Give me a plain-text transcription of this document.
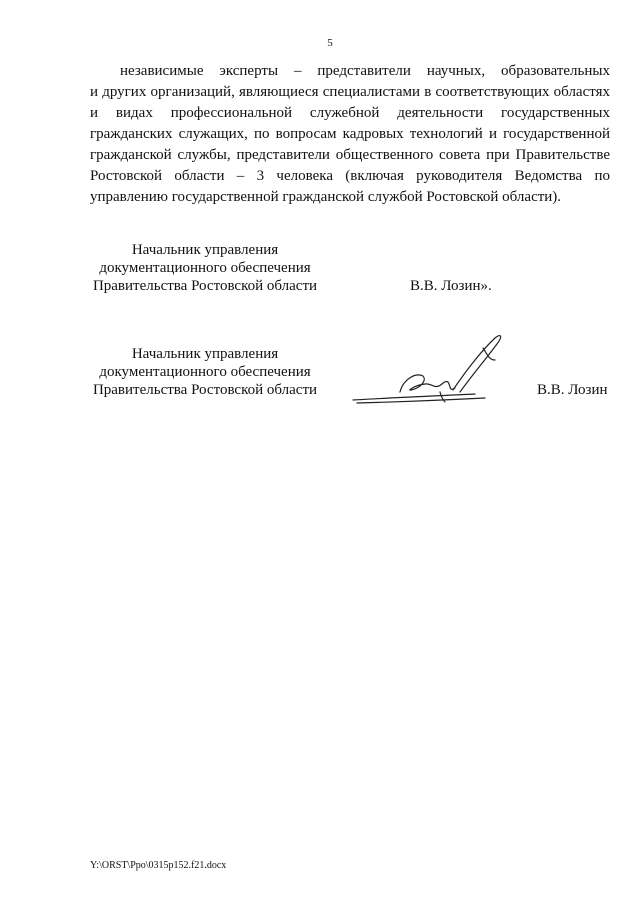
5
независимые эксперты – представители научных, образовательных
и других организаций, являющиеся специалистами в соответствующих областях и видах профессиональной служебной деятельности государственных гражданских служащих, по вопросам кадровых технологий и государственной гражданской службы, представители общественного совета при Правительстве Ростовской области – 3 человека (включая руководителя Ведомства по управлению государственной гражданской службой Ростовской области).
Начальник управления
документационного обеспечения
Правительства Ростовской области	В.В. Лозин».
Начальник управления
документационного обеспечения
Правительства Ростовской области	В.В. Лозин
Y:\ORST\Ppo\0315p152.f21.docx
